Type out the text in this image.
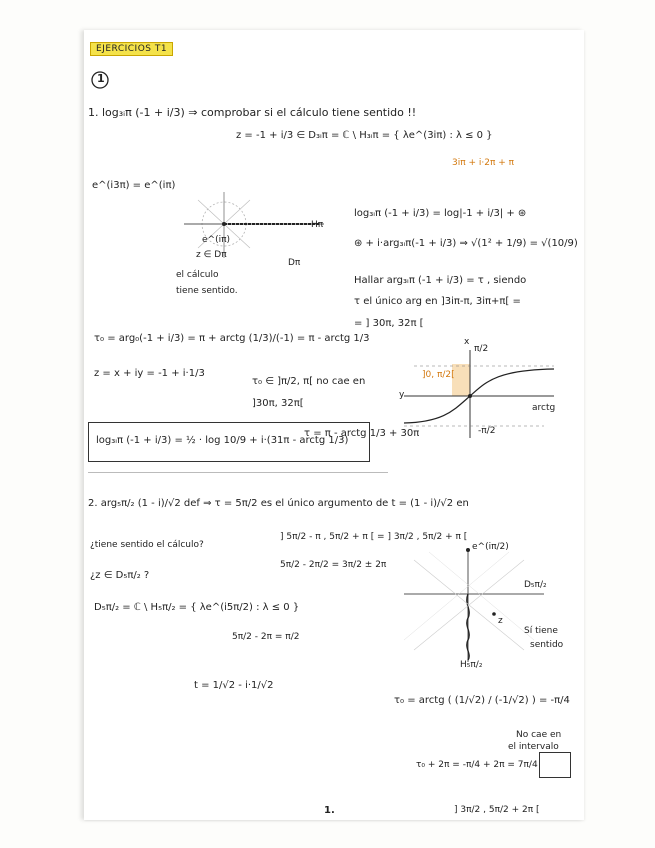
EJERCICIOS T1
1
1. log₃ᵢπ (-1 + i/3) ⇒ comprobar si el cálculo tiene sentido !!
z = -1 + i/3 ∈ D₃ᵢπ = ℂ \ H₃ᵢπ = { λe^(3iπ) : λ ≤ 0 }
3iπ + i·2π + π
e^(i3π) = e^(iπ)
e^(iπ)
Hπ
z ∈ Dπ
Dπ
el cálculo
tiene sentido.
log₃ᵢπ (-1 + i/3) = log|-1 + i/3| + ⊛
⊛ + i·arg₃ᵢπ(-1 + i/3) ⇒ √(1² + 1/9) = √(10/9)
Hallar arg₃ᵢπ (-1 + i/3) = τ , siendo
τ el único arg en ]3iπ-π, 3iπ+π[ =
= ] 30π, 32π [
τ₀ = arg₀(-1 + i/3) = π + arctg (1/3)/(-1) = π - arctg 1/3
z = x + iy = -1 + i·1/3
τ₀ ∈ ]π/2, π[ no cae en
]30π, 32π[
τ = π - arctg 1/3 + 30π
π/2
x
y
]0, π/2[
arctg
-π/2
log₃ᵢπ (-1 + i/3) = ½ · log 10/9 + i·(31π - arctg 1/3)
2. arg₅π/₂ (1 - i)/√2 def ⇒ τ = 5π/2 es el único argumento de t = (1 - i)/√2 en
¿tiene sentido el cálculo?
] 5π/2 - π , 5π/2 + π [ = ] 3π/2 , 5π/2 + π [
5π/2 - 2π/2 = 3π/2 ± 2π
¿z ∈ D₅π/₂ ?
D₅π/₂ = ℂ \ H₅π/₂ = { λe^(i5π/2) : λ ≤ 0 }
5π/2 - 2π = π/2
t = 1/√2 - i·1/√2
e^(iπ/2)
D₅π/₂
z
H₅π/₂
Sí tiene
sentido
τ₀ = arctg ( (1/√2) / (-1/√2) ) = -π/4
No cae en
el intervalo
τ₀ + 2π = -π/4 + 2π = 7π/4
] 3π/2 , 5π/2 + 2π [
1.
